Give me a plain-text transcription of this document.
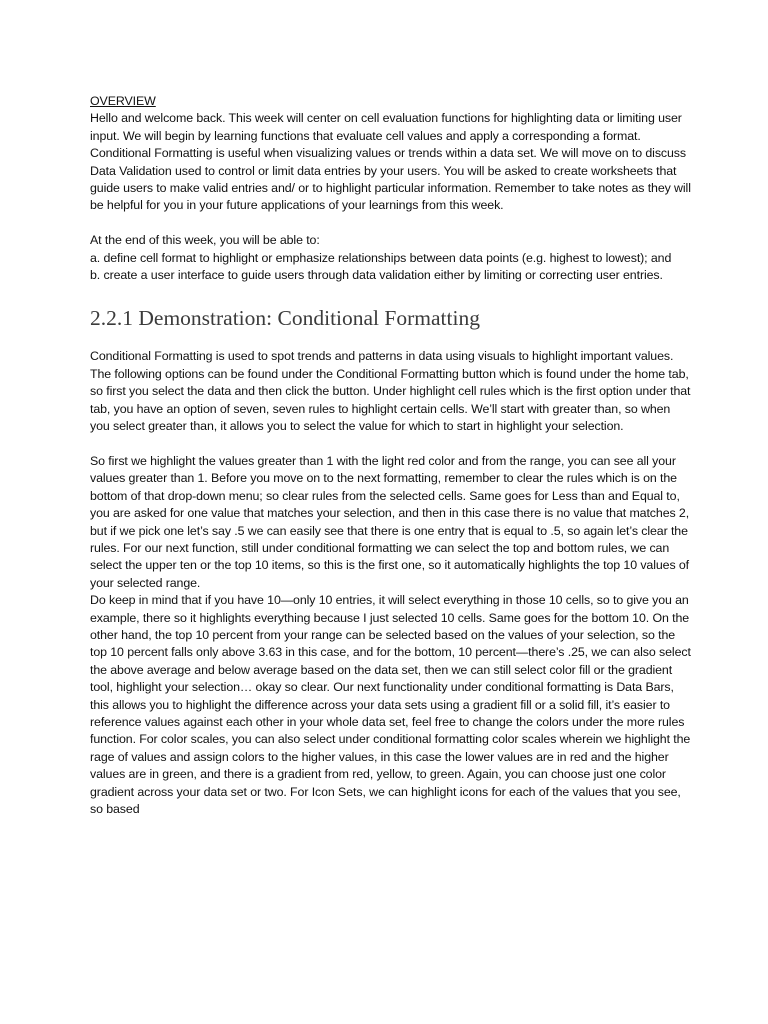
OVERVIEW

Hello and welcome back. This week will center on cell evaluation functions for highlighting data or limiting user input. We will begin by learning functions that evaluate cell values and apply a corresponding a format. Conditional Formatting is useful when visualizing values or trends within a data set. We will move on to discuss Data Validation used to control or limit data entries by your users. You will be asked to create worksheets that guide users to make valid entries and/ or to highlight particular information. Remember to take notes as they will be helpful for you in your future applications of your learnings from this week.

At the end of this week, you will be able to:

a. define cell format to highlight or emphasize relationships between data points (e.g. highest to lowest); and

b. create a user interface to guide users through data validation either by limiting or correcting user entries.

2.2.1 Demonstration: Conditional Formatting

Conditional Formatting is used to spot trends and patterns in data using visuals to highlight important values. The following options can be found under the Conditional Formatting button which is found under the home tab, so first you select the data and then click the button. Under highlight cell rules which is the first option under that tab, you have an option of seven, seven rules to highlight certain cells. We’ll start with greater than, so when you select greater than, it allows you to select the value for which to start in highlight your selection.

So first we highlight the values greater than 1 with the light red color and from the range, you can see all your values greater than 1. Before you move on to the next formatting, remember to clear the rules which is on the bottom of that drop-down menu; so clear rules from the selected cells. Same goes for Less than and Equal to, you are asked for one value that matches your selection, and then in this case there is no value that matches 2, but if we pick one let’s say .5 we can easily see that there is one entry that is equal to .5, so again let’s clear the rules. For our next function, still under conditional formatting we can select the top and bottom rules, we can select the upper ten or the top 10 items, so this is the first one, so it automatically highlights the top 10 values of your selected range.

Do keep in mind that if you have 10—only 10 entries, it will select everything in those 10 cells, so to give you an example, there so it highlights everything because I just selected 10 cells. Same goes for the bottom 10. On the other hand, the top 10 percent from your range can be selected based on the values of your selection, so the top 10 percent falls only above 3.63 in this case, and for the bottom, 10 percent—there’s .25, we can also select the above average and below average based on the data set, then we can still select color fill or the gradient tool, highlight your selection… okay so clear. Our next functionality under conditional formatting is Data Bars, this allows you to highlight the difference across your data sets using a gradient fill or a solid fill, it’s easier to reference values against each other in your whole data set, feel free to change the colors under the more rules function. For color scales, you can also select under conditional formatting color scales wherein we highlight the rage of values and assign colors to the higher values, in this case the lower values are in red and the higher values are in green, and there is a gradient from red, yellow, to green. Again, you can choose just one color gradient across your data set or two. For Icon Sets, we can highlight icons for each of the values that you see, so based
